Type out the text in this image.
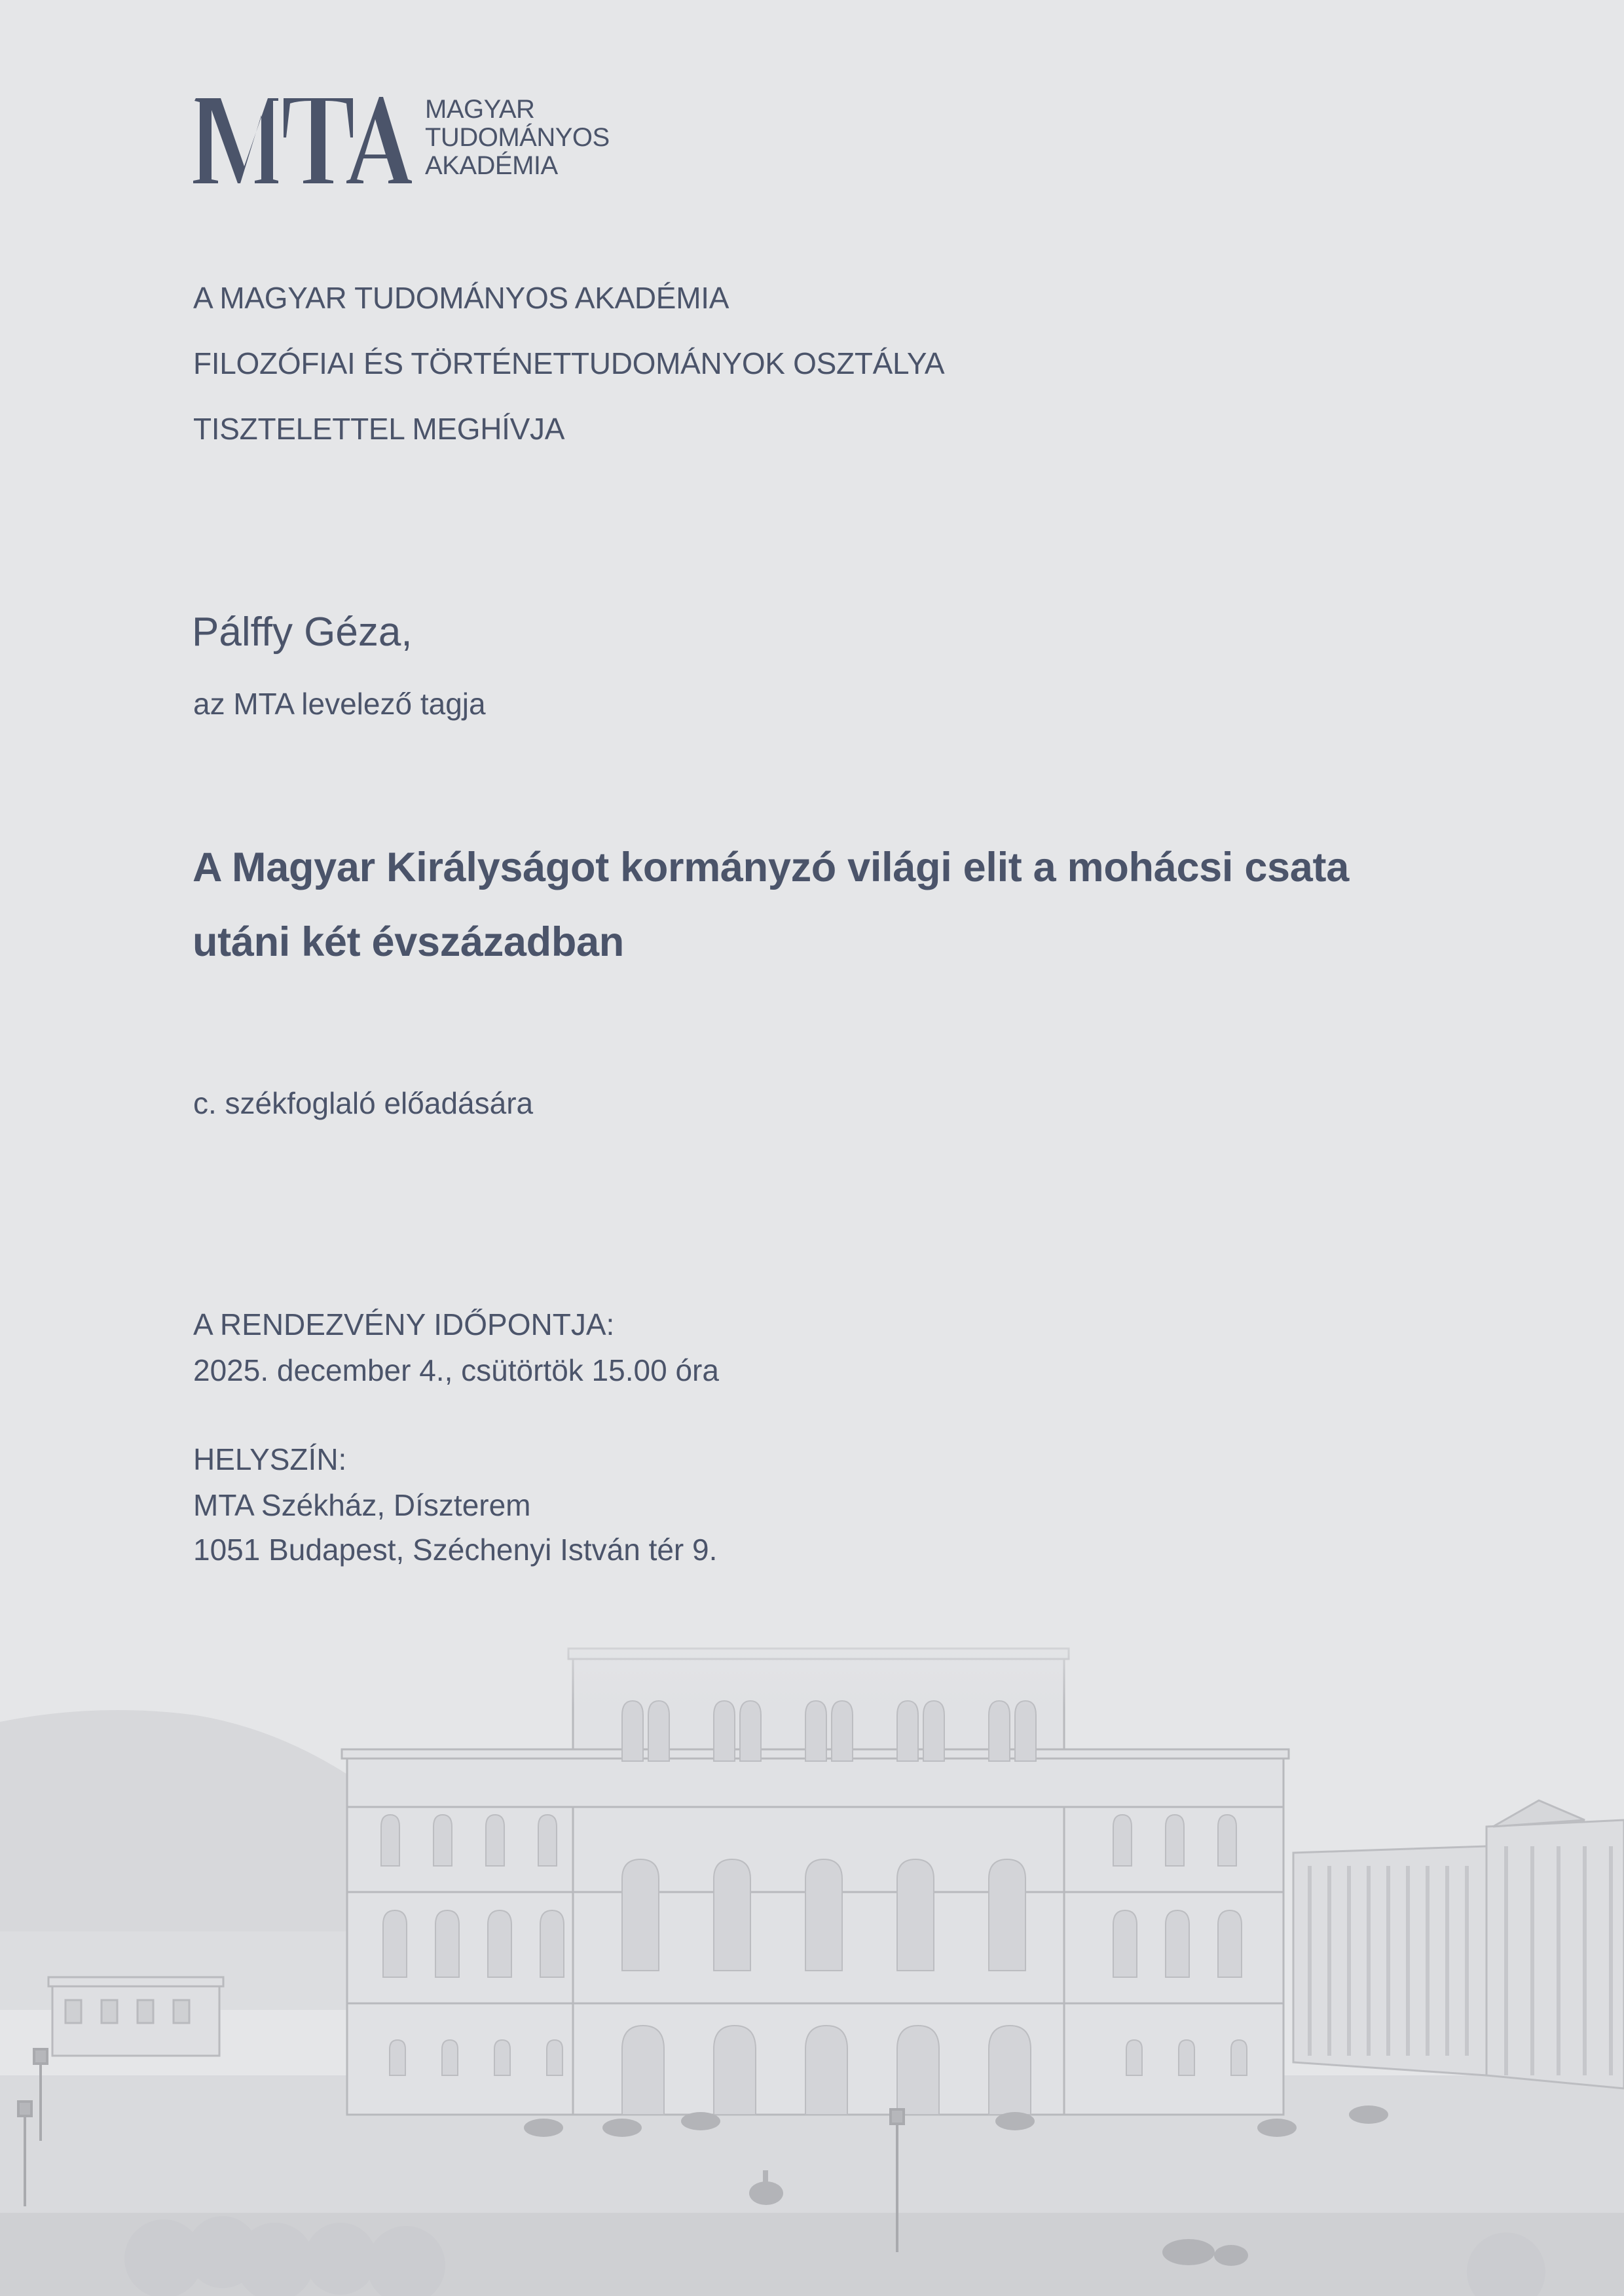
MAGYAR
TUDOMÁNYOS
AKADÉMIA
A MAGYAR TUDOMÁNYOS AKADÉMIA
FILOZÓFIAI ÉS TÖRTÉNETTUDOMÁNYOK OSZTÁLYA
TISZTELETTEL MEGHÍVJA
Pálffy Géza,
az MTA levelező tagja
A Magyar Királyságot kormányzó világi elit a mohácsi csata
utáni két évszázadban
c. székfoglaló előadására
A RENDEZVÉNY IDŐPONTJA:
2025. december 4., csütörtök 15.00 óra
HELYSZÍN:
MTA Székház, Díszterem
1051 Budapest, Széchenyi István tér 9.
